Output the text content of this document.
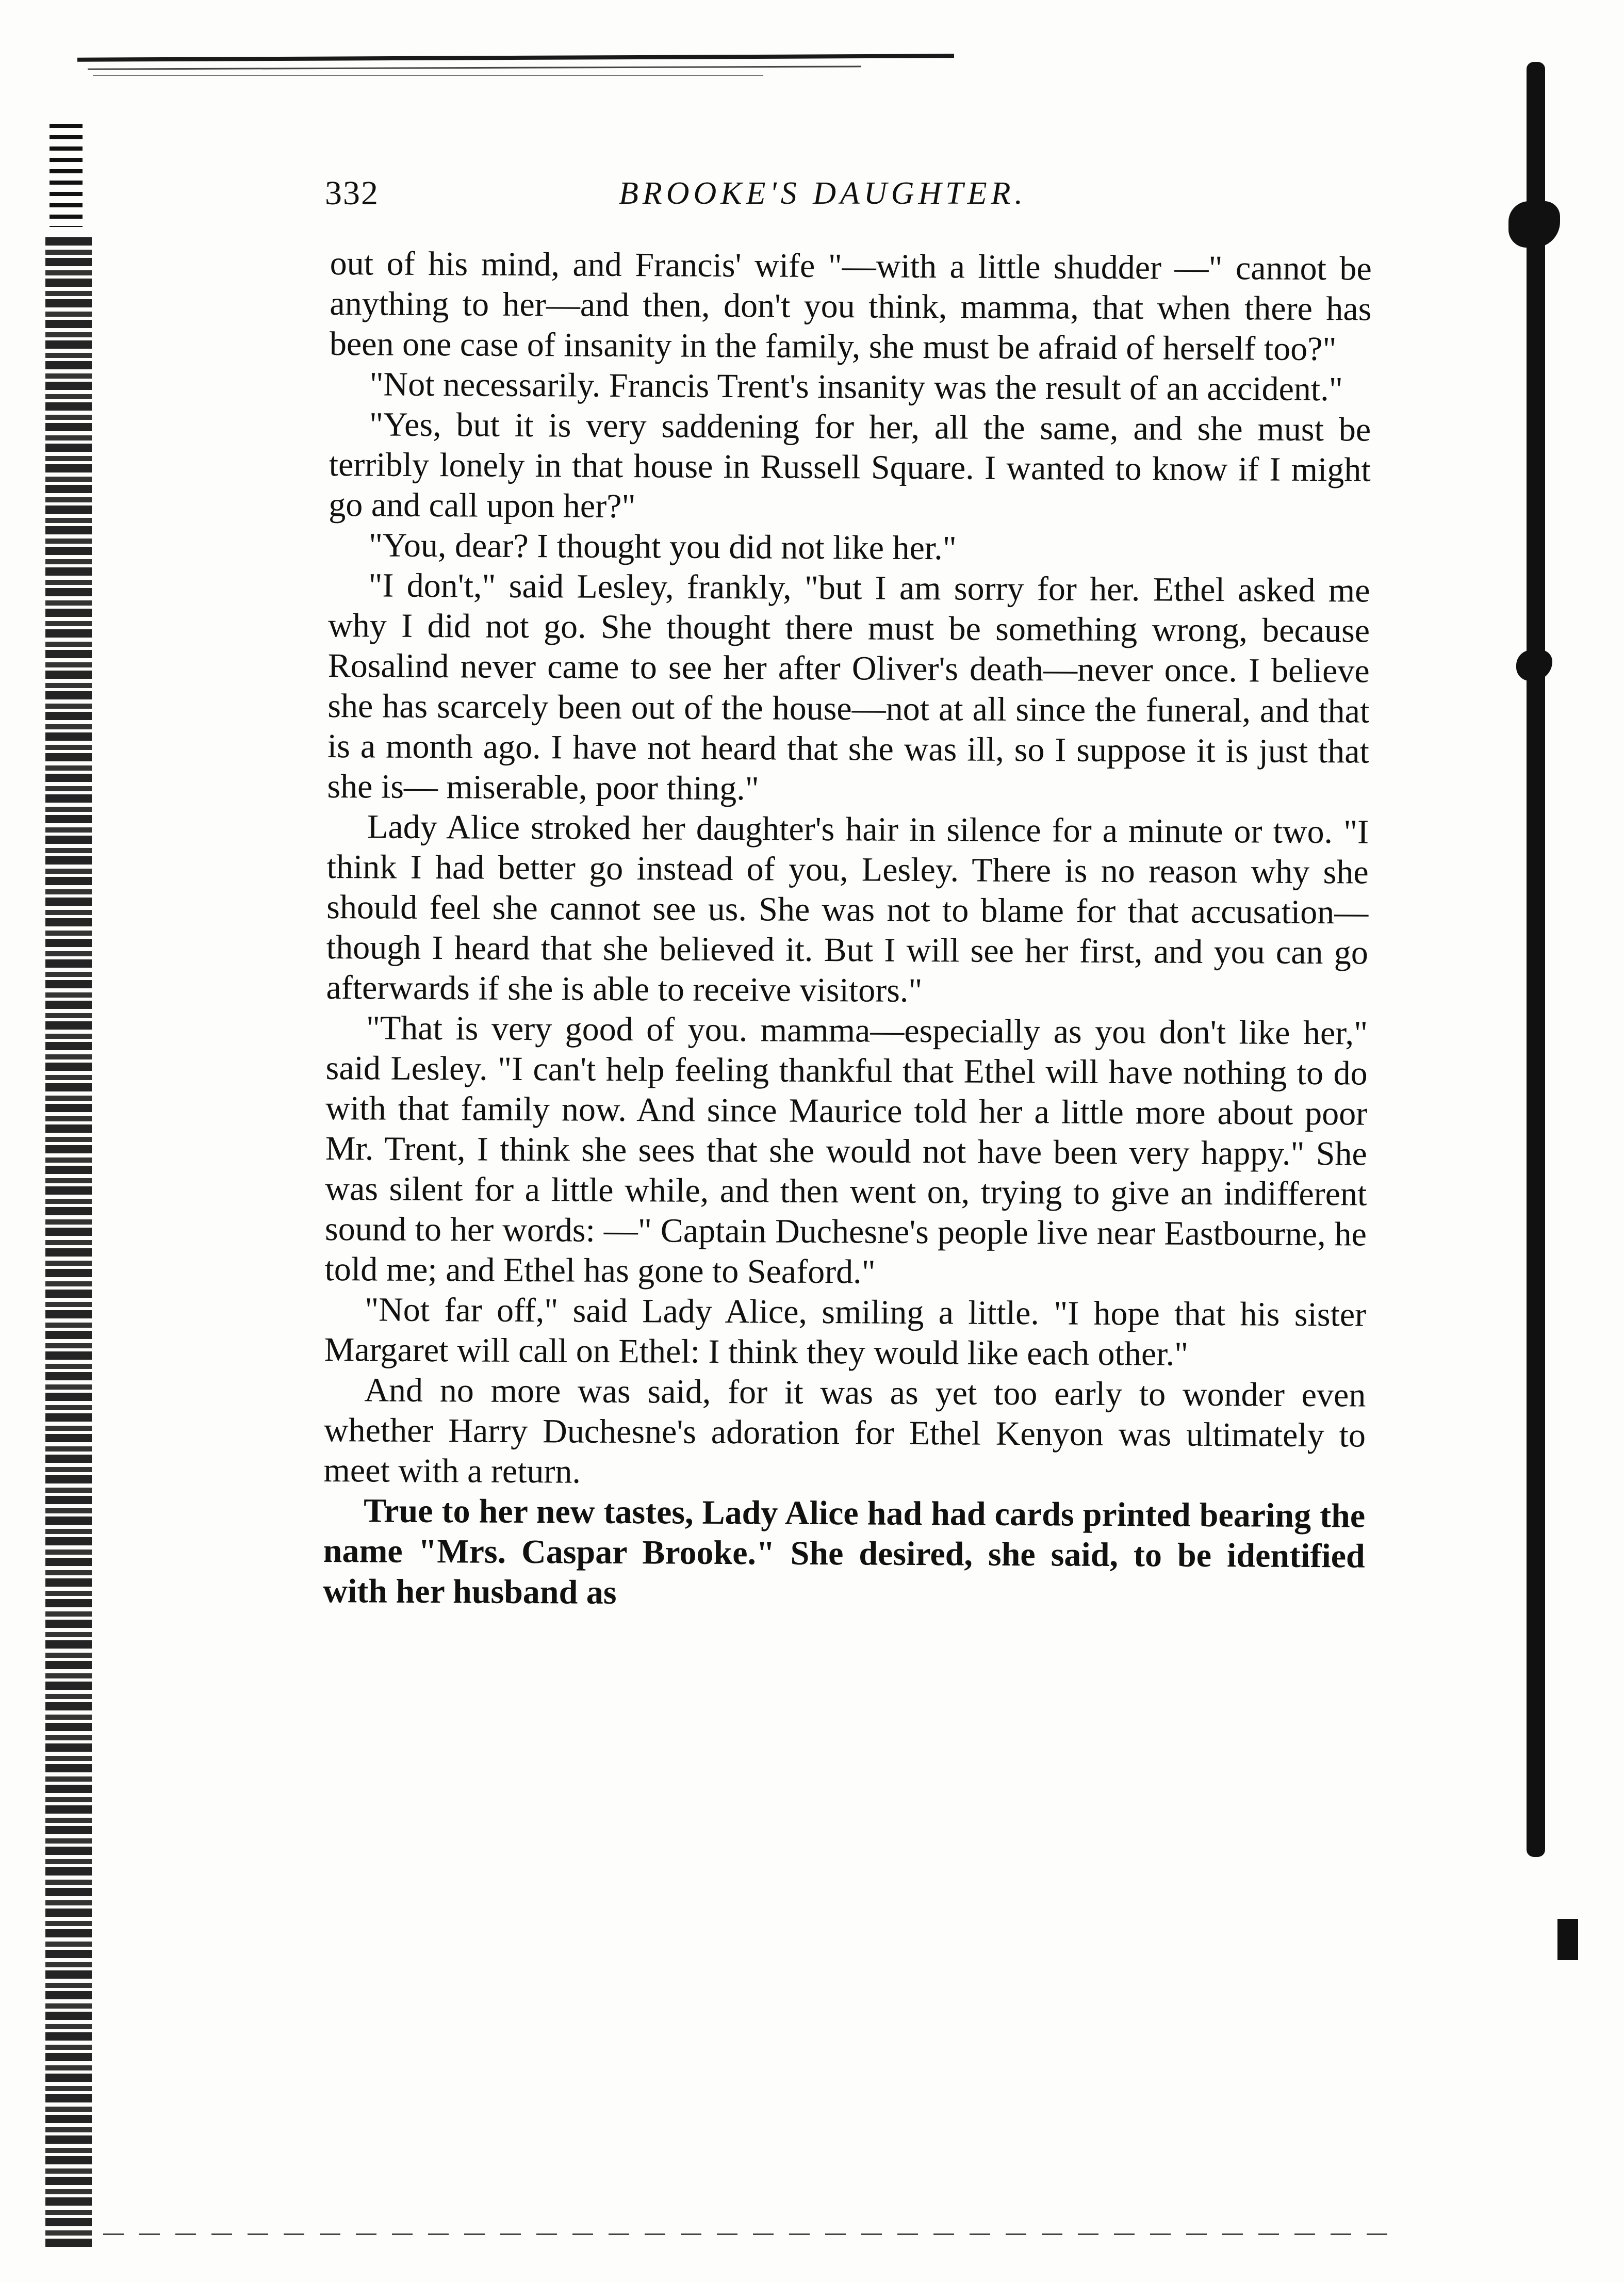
332	BROOKE'S DAUGHTER.

out of his mind, and Francis' wife "—with a little shudder —" cannot be anything to her—and then, don't you think, mamma, that when there has been one case of insanity in the family, she must be afraid of herself too?"

"Not necessarily. Francis Trent's insanity was the result of an accident."

"Yes, but it is very saddening for her, all the same, and she must be terribly lonely in that house in Russell Square. I wanted to know if I might go and call upon her?"

"You, dear? I thought you did not like her."

"I don't," said Lesley, frankly, "but I am sorry for her. Ethel asked me why I did not go. She thought there must be something wrong, because Rosalind never came to see her after Oliver's death—never once. I believe she has scarcely been out of the house—not at all since the funeral, and that is a month ago. I have not heard that she was ill, so I suppose it is just that she is— miserable, poor thing."

Lady Alice stroked her daughter's hair in silence for a minute or two. "I think I had better go instead of you, Lesley. There is no reason why she should feel she cannot see us. She was not to blame for that accusation— though I heard that she believed it. But I will see her first, and you can go afterwards if she is able to receive visitors."

"That is very good of you. mamma—especially as you don't like her," said Lesley. "I can't help feeling thankful that Ethel will have nothing to do with that family now. And since Maurice told her a little more about poor Mr. Trent, I think she sees that she would not have been very happy." She was silent for a little while, and then went on, trying to give an indifferent sound to her words: —" Captain Duchesne's people live near Eastbourne, he told me; and Ethel has gone to Seaford."

"Not far off," said Lady Alice, smiling a little. "I hope that his sister Margaret will call on Ethel: I think they would like each other."

And no more was said, for it was as yet too early to wonder even whether Harry Duchesne's adoration for Ethel Kenyon was ultimately to meet with a return.

True to her new tastes, Lady Alice had had cards printed bearing the name "Mrs. Caspar Brooke." She desired, she said, to be identified with her husband as
